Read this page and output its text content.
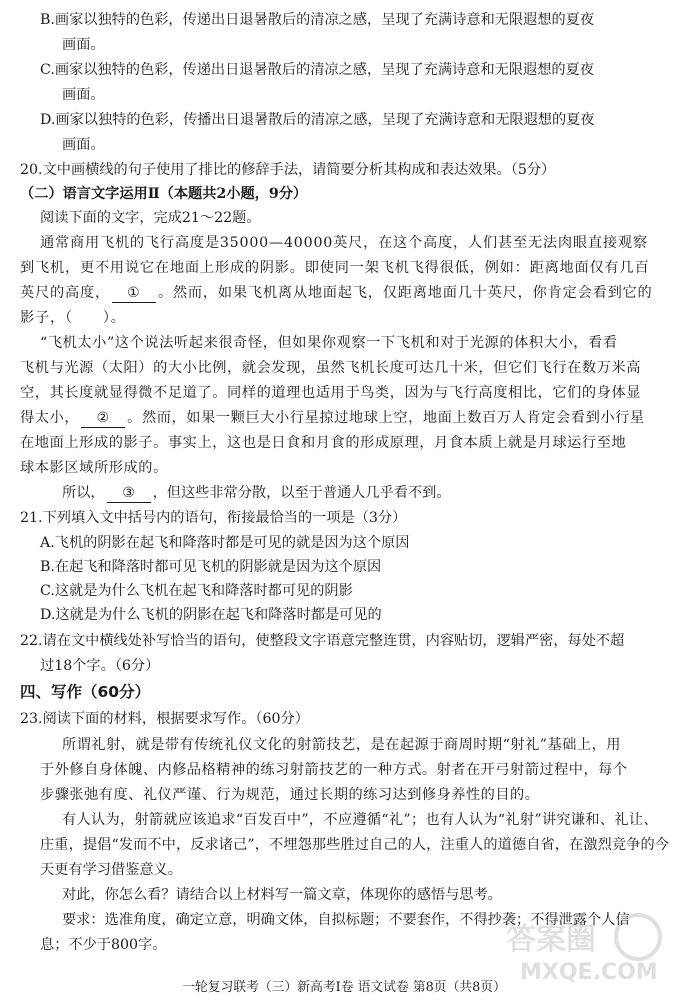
B.画家以独特的色彩，传递出日退暑散后的清凉之感，呈现了充满诗意和无限遐想的夏夜
画面。
C.画家以独特的色彩，传递出日退暑散后的清凉之感，呈现了充满诗意和无限遐想的夏夜
画面。
D.画家以独特的色彩，传播出日退暑散后的清凉之感，呈现了充满诗意和无限遐想的夏夜
画面。
20.文中画横线的句子使用了排比的修辞手法，请简要分析其构成和表达效果。（5分）
（二）语言文字运用Ⅱ（本题共2小题，9分）
阅读下面的文字，完成21～22题。
通常商用飞机的飞行高度是35000—40000英尺，在这个高度，人们甚至无法肉眼直接观察
到飞机，更不用说它在地面上形成的阴影。即使同一架飞机飞得很低，例如：距离地面仅有几百
英尺的高度， ① 。然而，如果飞机离从地面起飞，仅距离地面几十英尺，你肯定会看到它的
影子，（　　）。
“飞机太小”这个说法听起来很奇怪，但如果你观察一下飞机和对于光源的体积大小，看看
飞机与光源（太阳）的大小比例，就会发现，虽然飞机长度可达几十米，但它们飞行在数万米高
空，其长度就显得微不足道了。同样的道理也适用于鸟类，因为与飞行高度相比，它们的身体显
得太小， ② 。然而，如果一颗巨大小行星掠过地球上空，地面上数百万人肯定会看到小行星
在地面上形成的影子。事实上，这也是日食和月食的形成原理，月食本质上就是月球运行至地
球本影区域所形成的。
所以， ③ ，但这些非常分散，以至于普通人几乎看不到。
21.下列填入文中括号内的语句，衔接最恰当的一项是（3分）
A.飞机的阴影在起飞和降落时都是可见的就是因为这个原因
B.在起飞和降落时都可见飞机的阴影就是因为这个原因
C.这就是为什么飞机在起飞和降落时都可见的阴影
D.这就是为什么飞机的阴影在起飞和降落时都是可见的
22.请在文中横线处补写恰当的语句，使整段文字语意完整连贯，内容贴切，逻辑严密，每处不超
过18个字。（6分）
四、写作（60分）
23.阅读下面的材料，根据要求写作。（60分）
所谓礼射，就是带有传统礼仪文化的射箭技艺，是在起源于商周时期“射礼”基础上，用
于外修自身体魄、内修品格精神的练习射箭技艺的一种方式。射者在开弓射箭过程中，每个
步骤张弛有度、礼仪严谨、行为规范，通过长期的练习达到修身养性的目的。
有人认为，射箭就应该追求“百发百中”，不应遵循“礼”；也有人认为“礼射”讲究谦和、礼让、
庄重，提倡“发而不中，反求诸己”，不埋怨那些胜过自己的人，注重人的道德自省，在激烈竞争的今
天更有学习借鉴意义。
对此，你怎么看？请结合以上材料写一篇文章，体现你的感悟与思考。
要求：选准角度，确定立意，明确文体，自拟标题；不要套作，不得抄袭；不得泄露个人信
息；不少于800字。
一轮复习联考（三）新高考Ⅰ卷 语文试卷 第8页（共8页）
答案圈
MXQE.COM
